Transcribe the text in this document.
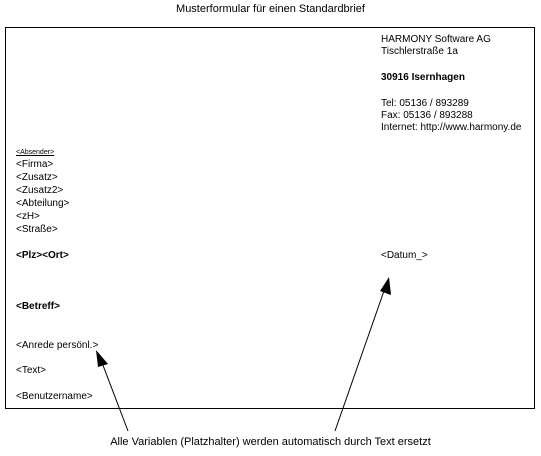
Musterformular für einen Standardbrief
HARMONY Software AG
Tischlerstraße 1a
30916 Isernhagen
Tel: 05136 / 893289
Fax: 05136 / 893288
Internet: http://www.harmony.de
<Absender>
<Firma>
<Zusatz>
<Zusatz2>
<Abteilung>
<zH>
<Straße>
<Plz><Ort>	<Datum_>
<Betreff>
<Anrede persönl.>
<Text>
<Benutzername>
Alle Variablen (Platzhalter) werden automatisch durch Text ersetzt
